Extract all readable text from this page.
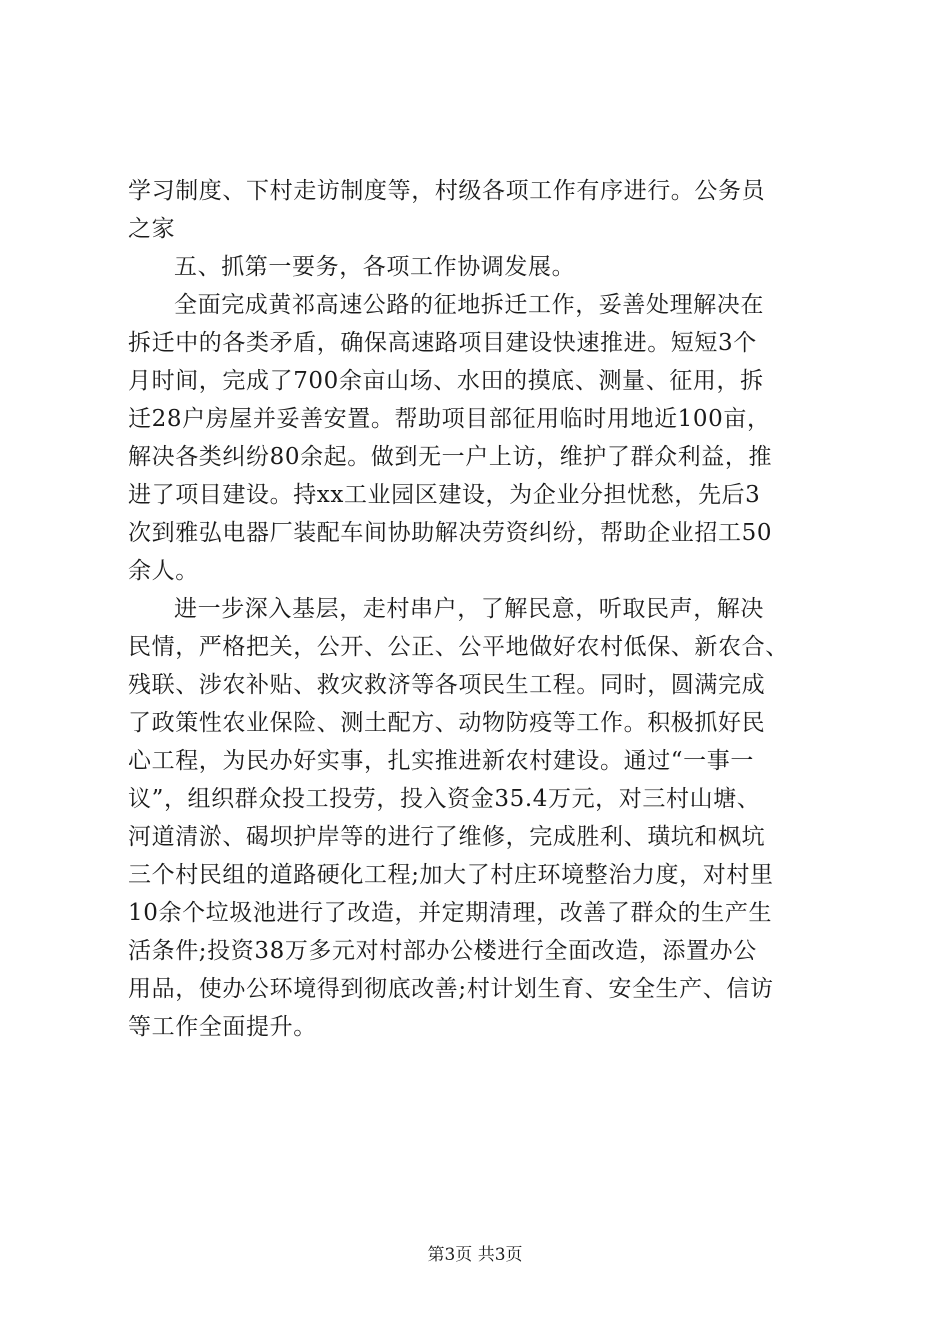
学习制度、下村走访制度等，村级各项工作有序进行。公务员
之家
五、抓第一要务，各项工作协调发展。
全面完成黄祁高速公路的征地拆迁工作，妥善处理解决在
拆迁中的各类矛盾，确保高速路项目建设快速推进。短短3个
月时间，完成了700余亩山场、水田的摸底、测量、征用，拆
迁28户房屋并妥善安置。帮助项目部征用临时用地近100亩，
解决各类纠纷80余起。做到无一户上访，维护了群众利益，推
进了项目建设。持xx工业园区建设，为企业分担忧愁，先后3
次到雅弘电器厂装配车间协助解决劳资纠纷，帮助企业招工50
余人。
进一步深入基层，走村串户，了解民意，听取民声，解决
民情，严格把关，公开、公正、公平地做好农村低保、新农合、
残联、涉农补贴、救灾救济等各项民生工程。同时，圆满完成
了政策性农业保险、测土配方、动物防疫等工作。积极抓好民
心工程，为民办好实事，扎实推进新农村建设。通过“一事一
议”，组织群众投工投劳，投入资金35.4万元，对三村山塘、
河道清淤、碣坝护岸等的进行了维修，完成胜利、璜坑和枫坑
三个村民组的道路硬化工程;加大了村庄环境整治力度，对村里
10余个垃圾池进行了改造，并定期清理，改善了群众的生产生
活条件;投资38万多元对村部办公楼进行全面改造，添置办公
用品，使办公环境得到彻底改善;村计划生育、安全生产、信访
等工作全面提升。
第3页 共3页
